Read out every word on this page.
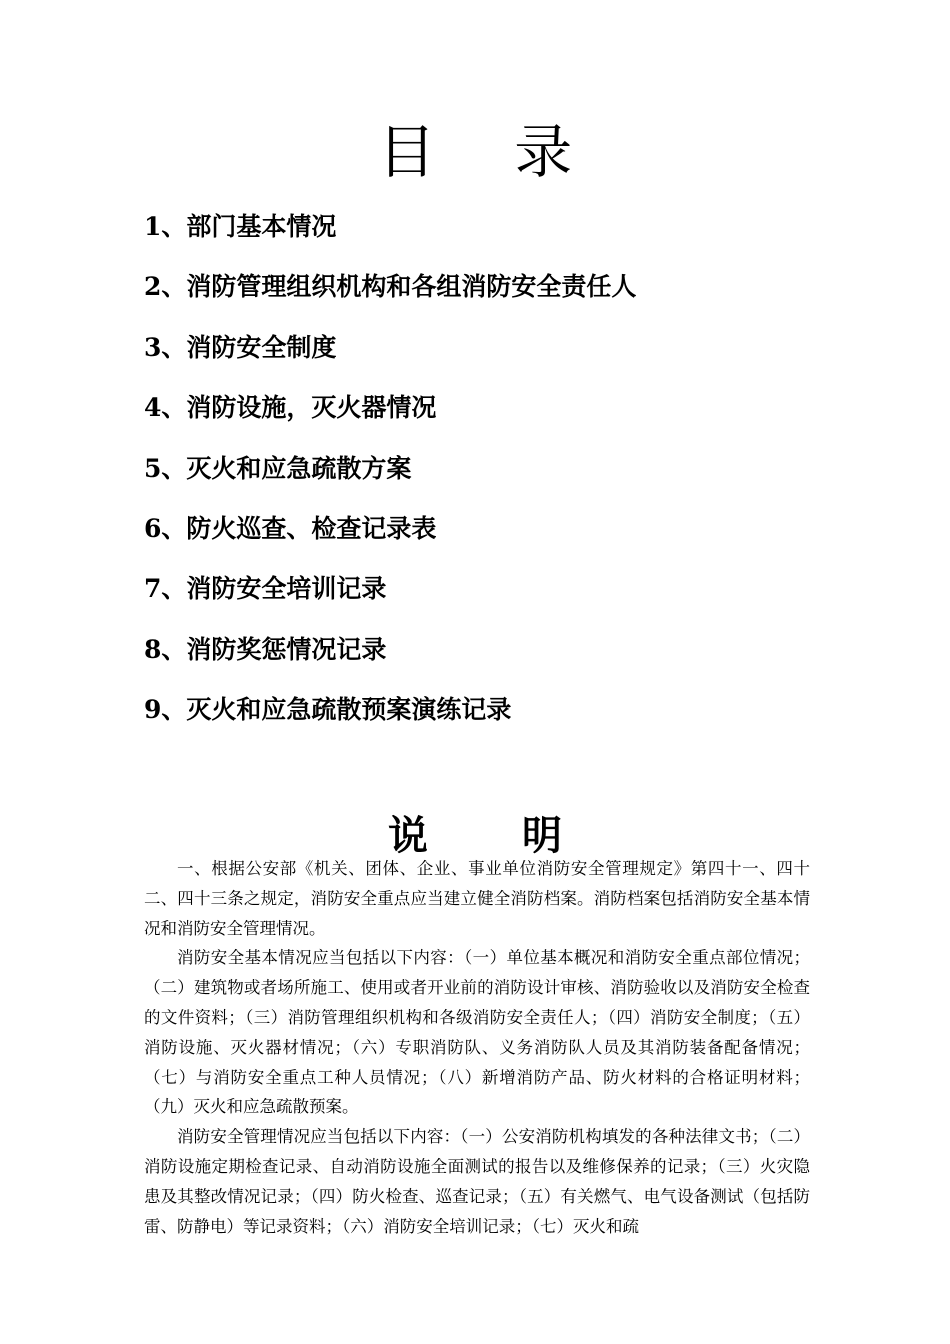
目 录
1、部门基本情况
2、消防管理组织机构和各组消防安全责任人
3、消防安全制度
4、消防设施，灭火器情况
5、灭火和应急疏散方案
6、防火巡查、检查记录表
7、消防安全培训记录
8、消防奖惩情况记录
9、灭火和应急疏散预案演练记录
说 明

一、根据公安部《机关、团体、企业、事业单位消防安全管理规定》第四十一、四十二、四十三条之规定，消防安全重点应当建立健全消防档案。消防档案包括消防安全基本情况和消防安全管理情况。

消防安全基本情况应当包括以下内容：（一）单位基本概况和消防安全重点部位情况；（二）建筑物或者场所施工、使用或者开业前的消防设计审核、消防验收以及消防安全检查的文件资料；（三）消防管理组织机构和各级消防安全责任人；（四）消防安全制度；（五）消防设施、灭火器材情况；（六）专职消防队、义务消防队人员及其消防装备配备情况；（七）与消防安全重点工种人员情况；（八）新增消防产品、防火材料的合格证明材料；（九）灭火和应急疏散预案。

消防安全管理情况应当包括以下内容：（一）公安消防机构填发的各种法律文书；（二）消防设施定期检查记录、自动消防设施全面测试的报告以及维修保养的记录；（三）火灾隐患及其整改情况记录；（四）防火检查、巡查记录；（五）有关燃气、电气设备测试（包括防雷、防静电）等记录资料；（六）消防安全培训记录；（七）灭火和疏
